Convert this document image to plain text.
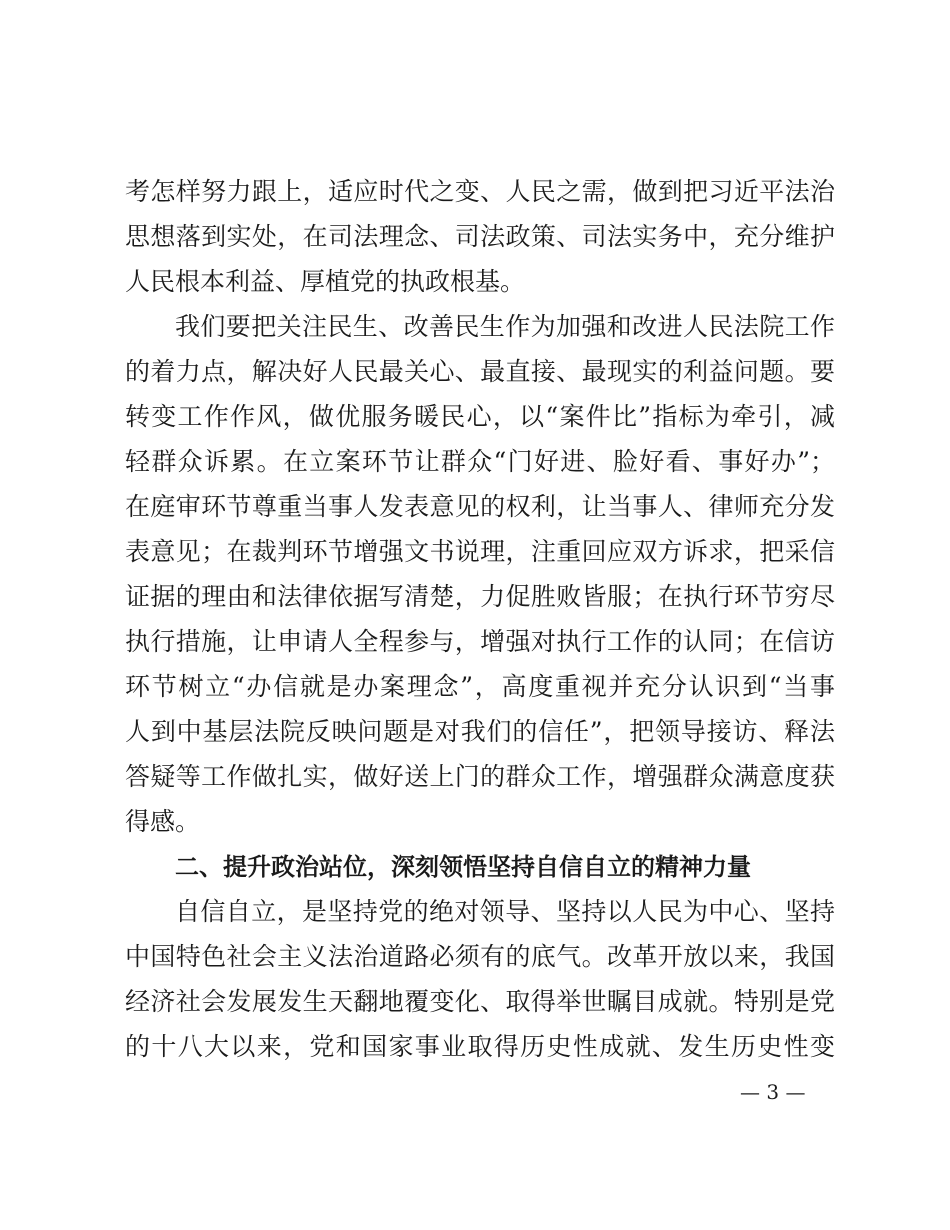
考怎样努力跟上，适应时代之变、人民之需，做到把习近平法治
思想落到实处，在司法理念、司法政策、司法实务中，充分维护
人民根本利益、厚植党的执政根基。
我们要把关注民生、改善民生作为加强和改进人民法院工作
的着力点，解决好人民最关心、最直接、最现实的利益问题。要
转变工作作风，做优服务暖民心，以“案件比”指标为牵引，减
轻群众诉累。在立案环节让群众“门好进、脸好看、事好办”；
在庭审环节尊重当事人发表意见的权利，让当事人、律师充分发
表意见；在裁判环节增强文书说理，注重回应双方诉求，把采信
证据的理由和法律依据写清楚，力促胜败皆服；在执行环节穷尽
执行措施，让申请人全程参与，增强对执行工作的认同；在信访
环节树立“办信就是办案理念”，高度重视并充分认识到“当事
人到中基层法院反映问题是对我们的信任”，把领导接访、释法
答疑等工作做扎实，做好送上门的群众工作，增强群众满意度获
得感。
二、提升政治站位，深刻领悟坚持自信自立的精神力量
自信自立，是坚持党的绝对领导、坚持以人民为中心、坚持
中国特色社会主义法治道路必须有的底气。改革开放以来，我国
经济社会发展发生天翻地覆变化、取得举世瞩目成就。特别是党
的十八大以来，党和国家事业取得历史性成就、发生历史性变
— 3 —
